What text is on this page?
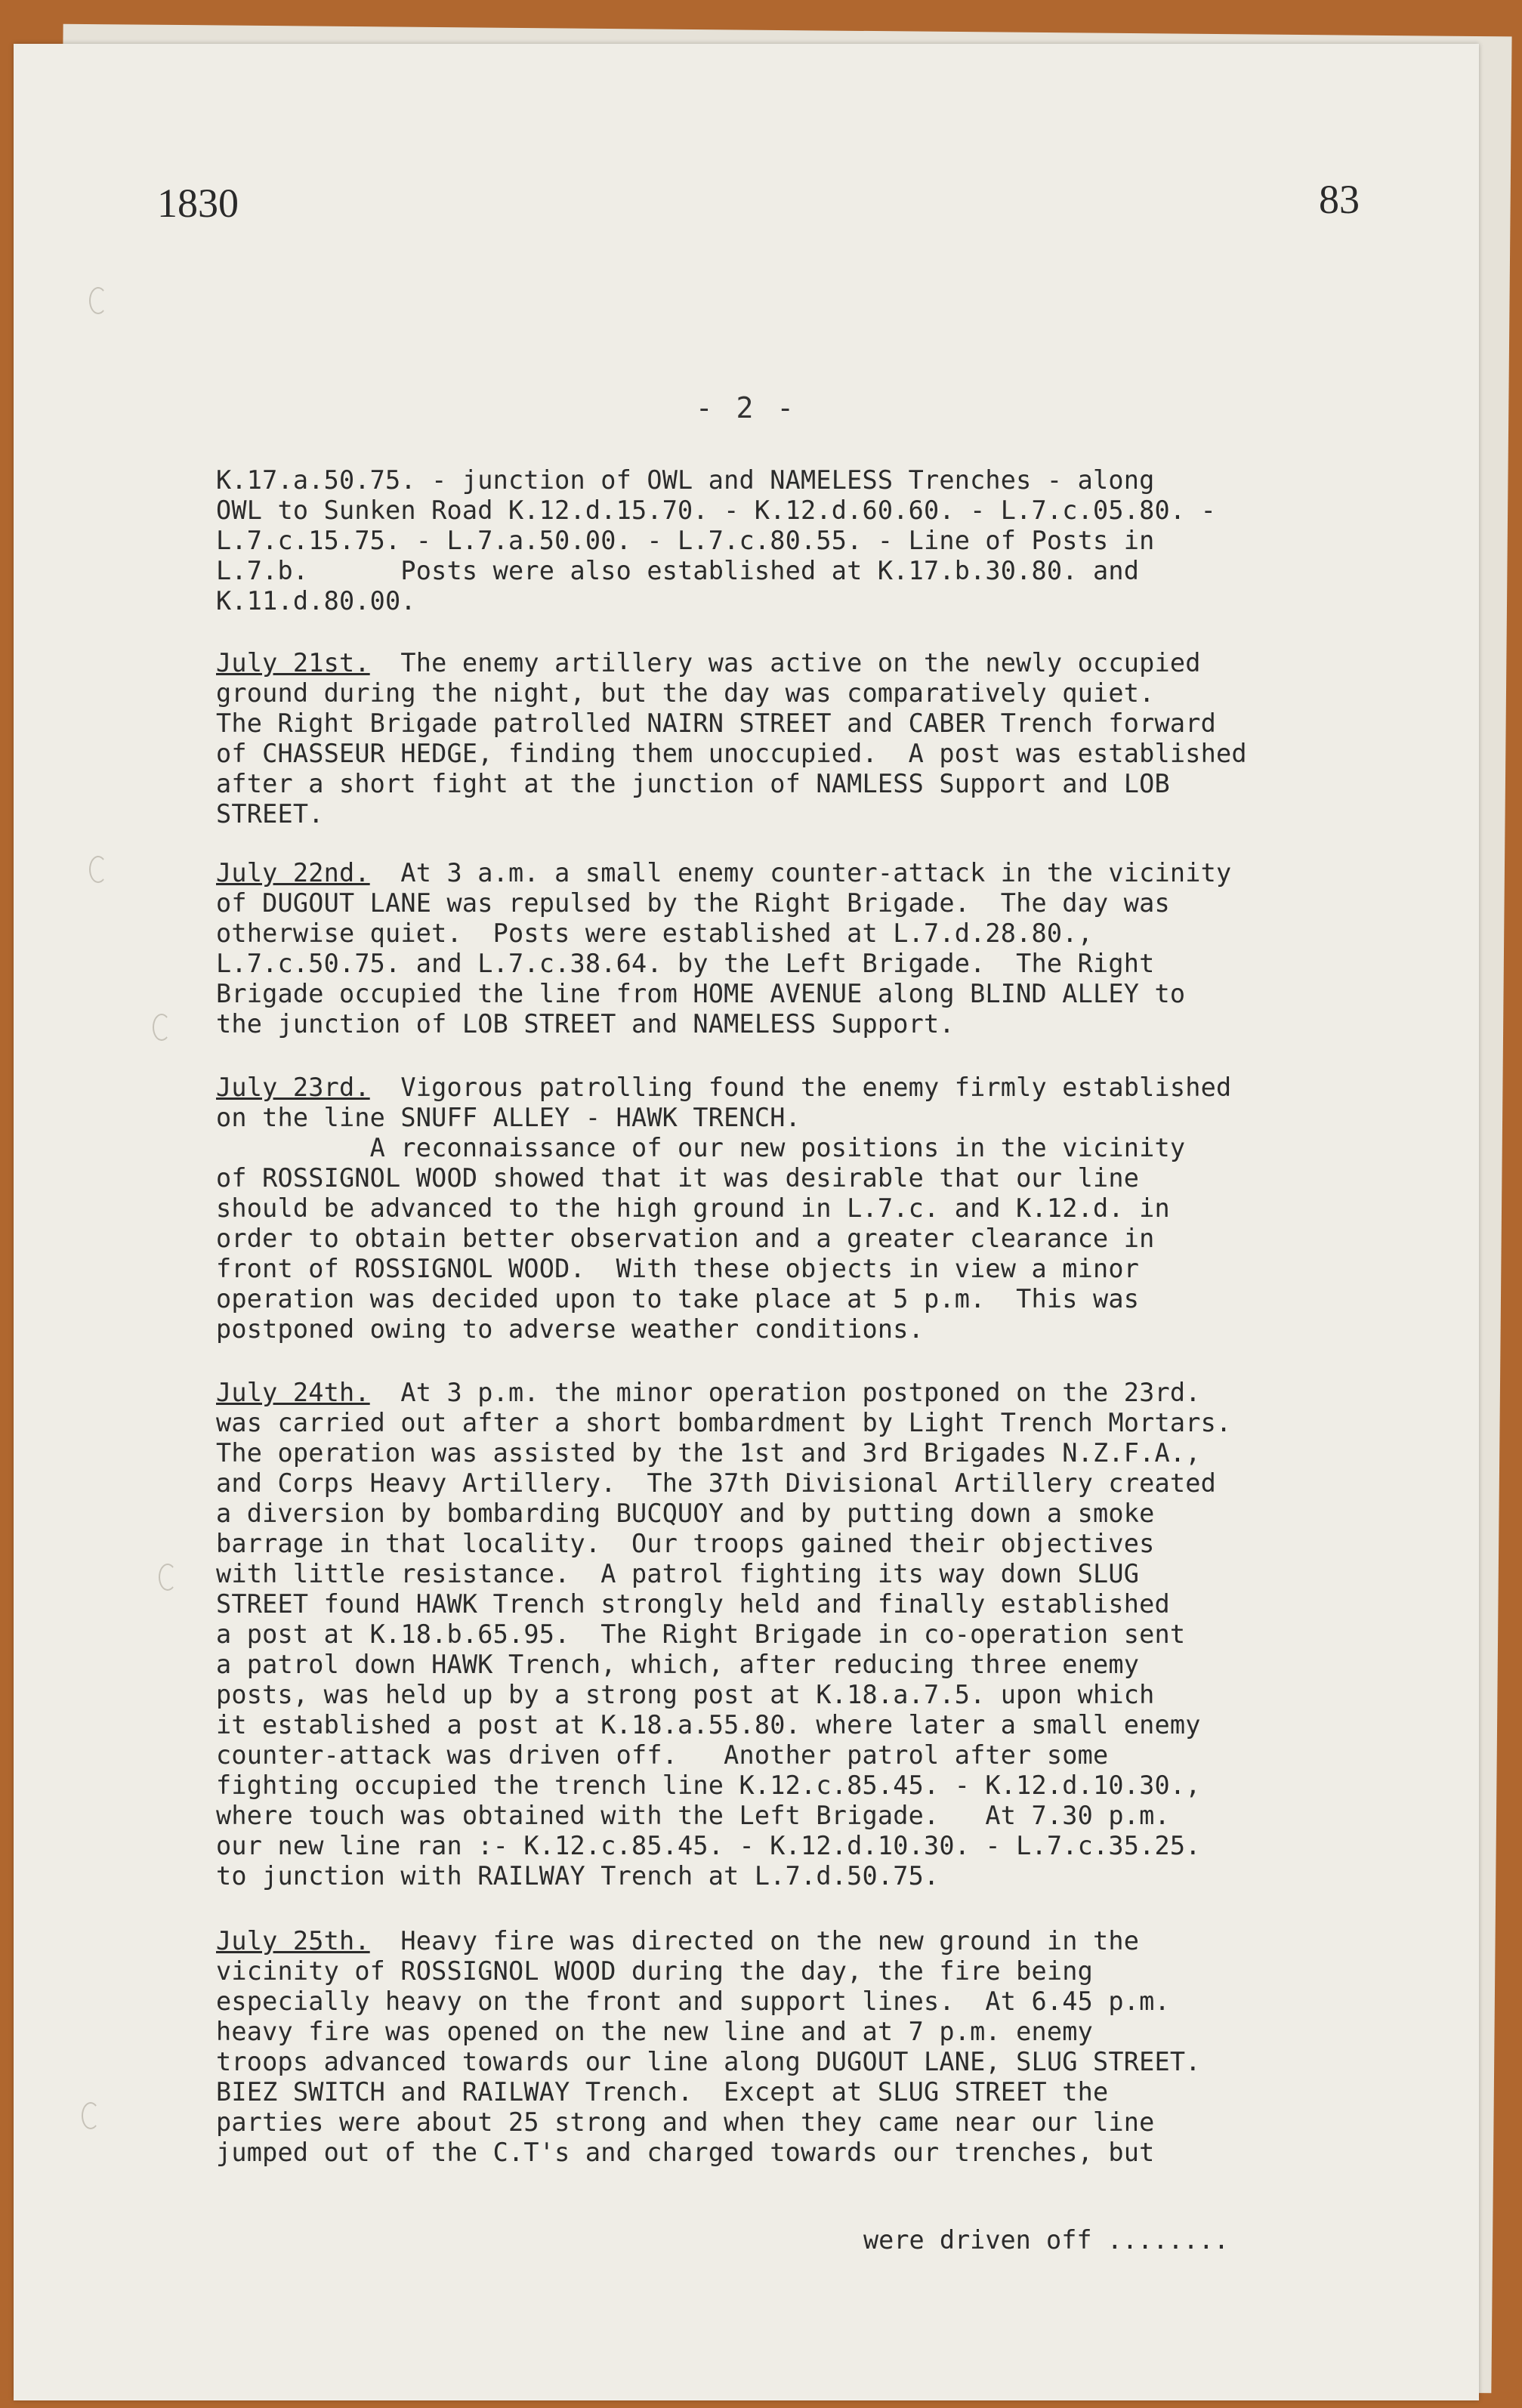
1830	83
- 2 -
K.17.a.50.75. - junction of OWL and NAMELESS Trenches - along
OWL to Sunken Road K.12.d.15.70. - K.12.d.60.60. - L.7.c.05.80. -
L.7.c.15.75. - L.7.a.50.00. - L.7.c.80.55. - Line of Posts in
L.7.b.      Posts were also established at K.17.b.30.80. and
K.11.d.80.00.
July 21st.  The enemy artillery was active on the newly occupied
ground during the night, but the day was comparatively quiet.
The Right Brigade patrolled NAIRN STREET and CABER Trench forward
of CHASSEUR HEDGE, finding them unoccupied.  A post was established
after a short fight at the junction of NAMLESS Support and LOB
STREET.
July 22nd.  At 3 a.m. a small enemy counter-attack in the vicinity
of DUGOUT LANE was repulsed by the Right Brigade.  The day was
otherwise quiet.  Posts were established at L.7.d.28.80.,
L.7.c.50.75. and L.7.c.38.64. by the Left Brigade.  The Right
Brigade occupied the line from HOME AVENUE along BLIND ALLEY to
the junction of LOB STREET and NAMELESS Support.
July 23rd.  Vigorous patrolling found the enemy firmly established
on the line SNUFF ALLEY - HAWK TRENCH.
A reconnaissance of our new positions in the vicinity
of ROSSIGNOL WOOD showed that it was desirable that our line
should be advanced to the high ground in L.7.c. and K.12.d. in
order to obtain better observation and a greater clearance in
front of ROSSIGNOL WOOD.  With these objects in view a minor
operation was decided upon to take place at 5 p.m.  This was
postponed owing to adverse weather conditions.
July 24th.  At 3 p.m. the minor operation postponed on the 23rd.
was carried out after a short bombardment by Light Trench Mortars.
The operation was assisted by the 1st and 3rd Brigades N.Z.F.A.,
and Corps Heavy Artillery.  The 37th Divisional Artillery created
a diversion by bombarding BUCQUOY and by putting down a smoke
barrage in that locality.  Our troops gained their objectives
with little resistance.  A patrol fighting its way down SLUG
STREET found HAWK Trench strongly held and finally established
a post at K.18.b.65.95.  The Right Brigade in co-operation sent
a patrol down HAWK Trench, which, after reducing three enemy
posts, was held up by a strong post at K.18.a.7.5. upon which
it established a post at K.18.a.55.80. where later a small enemy
counter-attack was driven off.   Another patrol after some
fighting occupied the trench line K.12.c.85.45. - K.12.d.10.30.,
where touch was obtained with the Left Brigade.   At 7.30 p.m.
our new line ran :- K.12.c.85.45. - K.12.d.10.30. - L.7.c.35.25.
to junction with RAILWAY Trench at L.7.d.50.75.
July 25th.  Heavy fire was directed on the new ground in the
vicinity of ROSSIGNOL WOOD during the day, the fire being
especially heavy on the front and support lines.  At 6.45 p.m.
heavy fire was opened on the new line and at 7 p.m. enemy
troops advanced towards our line along DUGOUT LANE, SLUG STREET.
BIEZ SWITCH and RAILWAY Trench.  Except at SLUG STREET the
parties were about 25 strong and when they came near our line
jumped out of the C.T's and charged towards our trenches, but
were driven off ........
